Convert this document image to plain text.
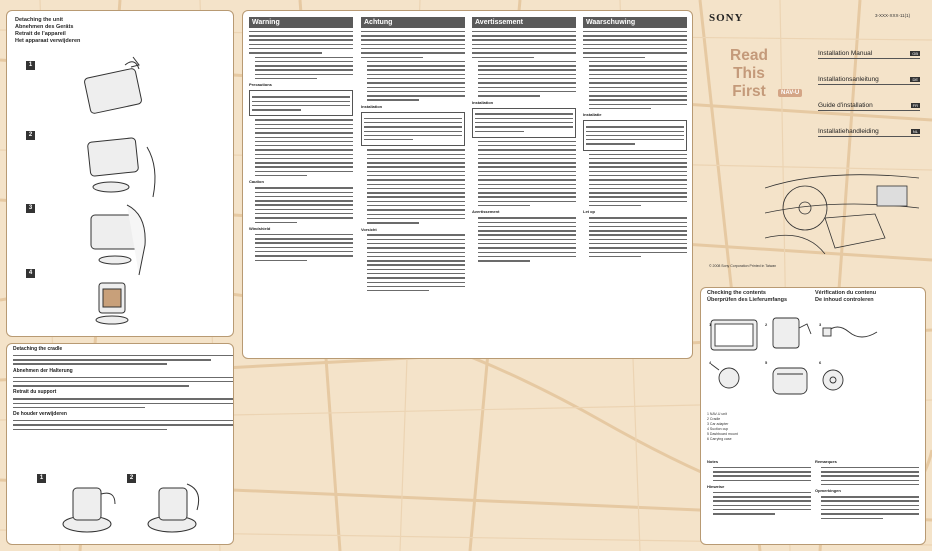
Detaching the unit

Abnehmen des Geräts

Retrait de l'appareil

Het apparaat verwijderen

1
2
3
4
Warning
Precautions
Caution
Windshield
Achtung
Installation
Vorsicht
Avertissement
Installation
Avertissement
Waarschuwing
Installatie
Let op
SONY	3-XXX-XXX-11(1)
Read This First	NAV-U
Installation Manual	GB
Installationsanleitung	DE
Guide d'installation	FR
Installatiehandleiding	NL
© 2008 Sony Corporation Printed in Taiwan
Detaching the cradle
Abnehmen der Halterung
Retrait du support
De houder verwijderen
1	2

Checking the contents

Überprüfen des Lieferumfangs

Vérification du contenu

De inhoud controleren

1	2	3
4	5	6
1 NAV-U unit
2 Cradle
3 Car adapter
4 Suction cup
5 Dashboard mount
6 Carrying case
Notes
Hinweise
Remarques
Opmerkingen
